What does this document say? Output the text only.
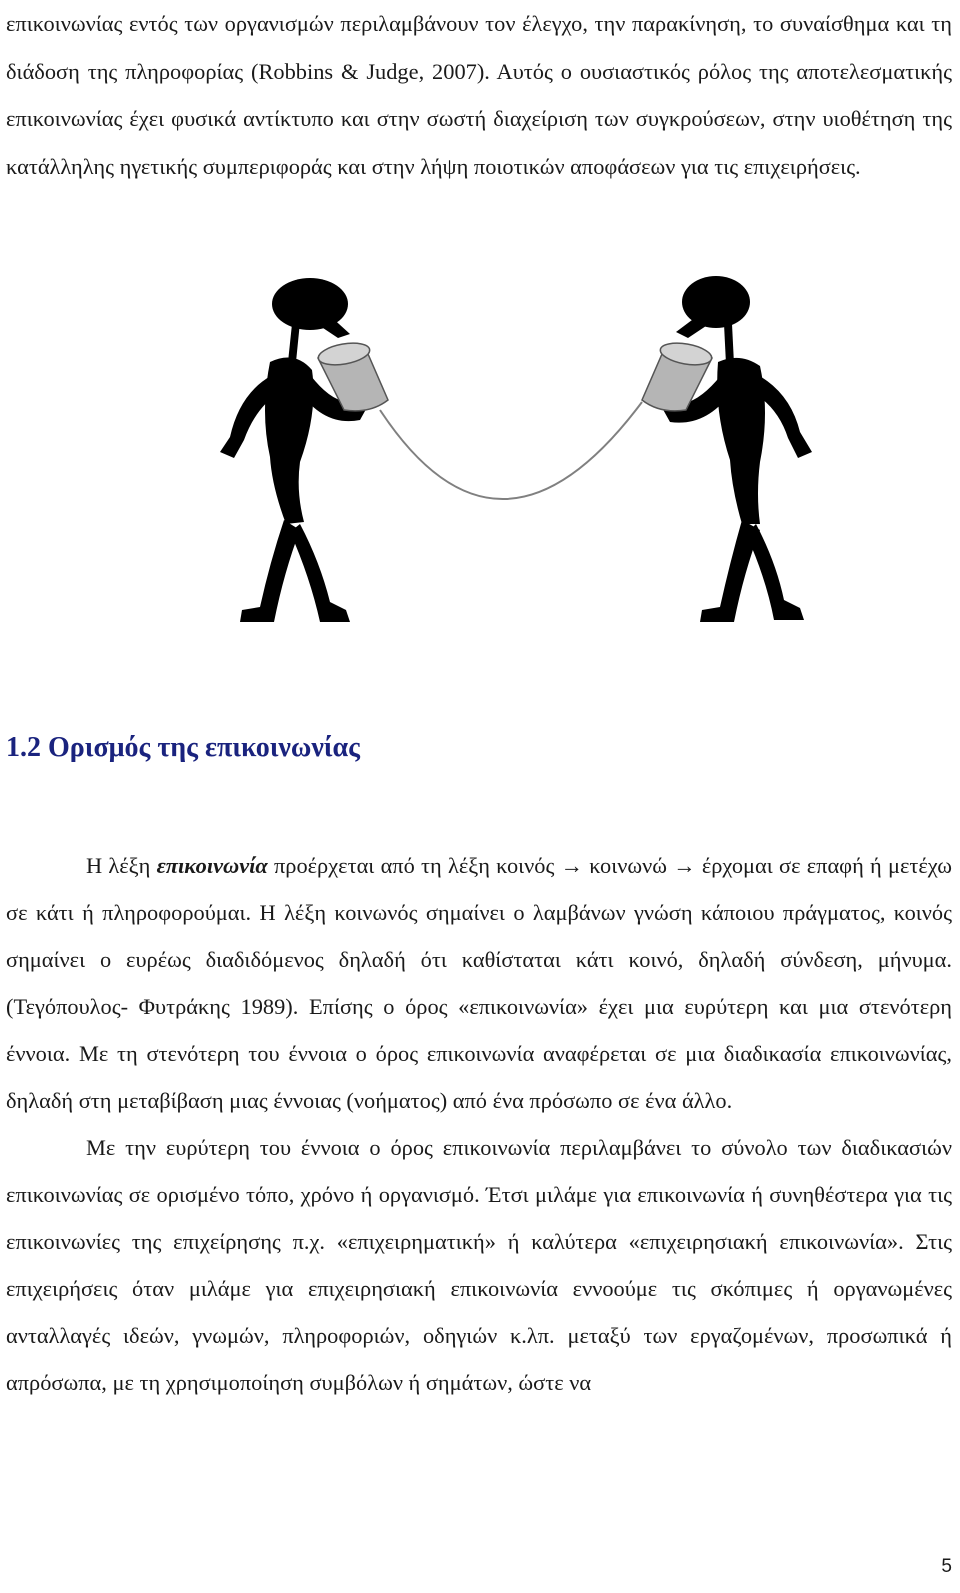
επικοινωνίας εντός των οργανισμών περιλαμβάνουν τον έλεγχο, την παρακίνηση, το συναίσθημα και τη διάδοση της πληροφορίας (Robbins & Judge, 2007). Αυτός ο ουσιαστικός ρόλος της αποτελεσματικής επικοινωνίας έχει φυσικά αντίκτυπο και στην σωστή διαχείριση των συγκρούσεων, στην υιοθέτηση της κατάλληλης ηγετικής συμπεριφοράς και στην λήψη ποιοτικών αποφάσεων για τις επιχειρήσεις.

1.2 Ορισμός της επικοινωνίας

Η λέξη επικοινωνία προέρχεται από τη λέξη κοινός → κοινωνώ → έρχομαι σε επαφή ή μετέχω σε κάτι ή πληροφορούμαι. Η λέξη κοινωνός σημαίνει ο λαμβάνων γνώση κάποιου πράγματος, κοινός σημαίνει ο ευρέως διαδιδόμενος δηλαδή ότι καθίσταται κάτι κοινό, δηλαδή σύνδεση, μήνυμα.(Τεγόπουλος- Φυτράκης 1989). Επίσης ο όρος «επικοινωνία» έχει μια ευρύτερη και μια στενότερη έννοια. Με τη στενότερη του έννοια ο όρος επικοινωνία αναφέρεται σε μια διαδικασία επικοινωνίας, δηλαδή στη μεταβίβαση μιας έννοιας (νοήματος) από ένα πρόσωπο σε ένα άλλο.

Με την ευρύτερη του έννοια ο όρος επικοινωνία περιλαμβάνει το σύνολο των διαδικασιών επικοινωνίας σε ορισμένο τόπο, χρόνο ή οργανισμό. Έτσι μιλάμε για επικοινωνία ή συνηθέστερα για τις επικοινωνίες της επιχείρησης π.χ. «επιχειρηματική» ή καλύτερα «επιχειρησιακή επικοινωνία». Στις επιχειρήσεις όταν μιλάμε για επιχειρησιακή επικοινωνία εννοούμε τις σκόπιμες ή οργανωμένες ανταλλαγές ιδεών, γνωμών, πληροφοριών, οδηγιών κ.λπ. μεταξύ των εργαζομένων, προσωπικά ή απρόσωπα, με τη χρησιμοποίηση συμβόλων ή σημάτων, ώστε να

5
